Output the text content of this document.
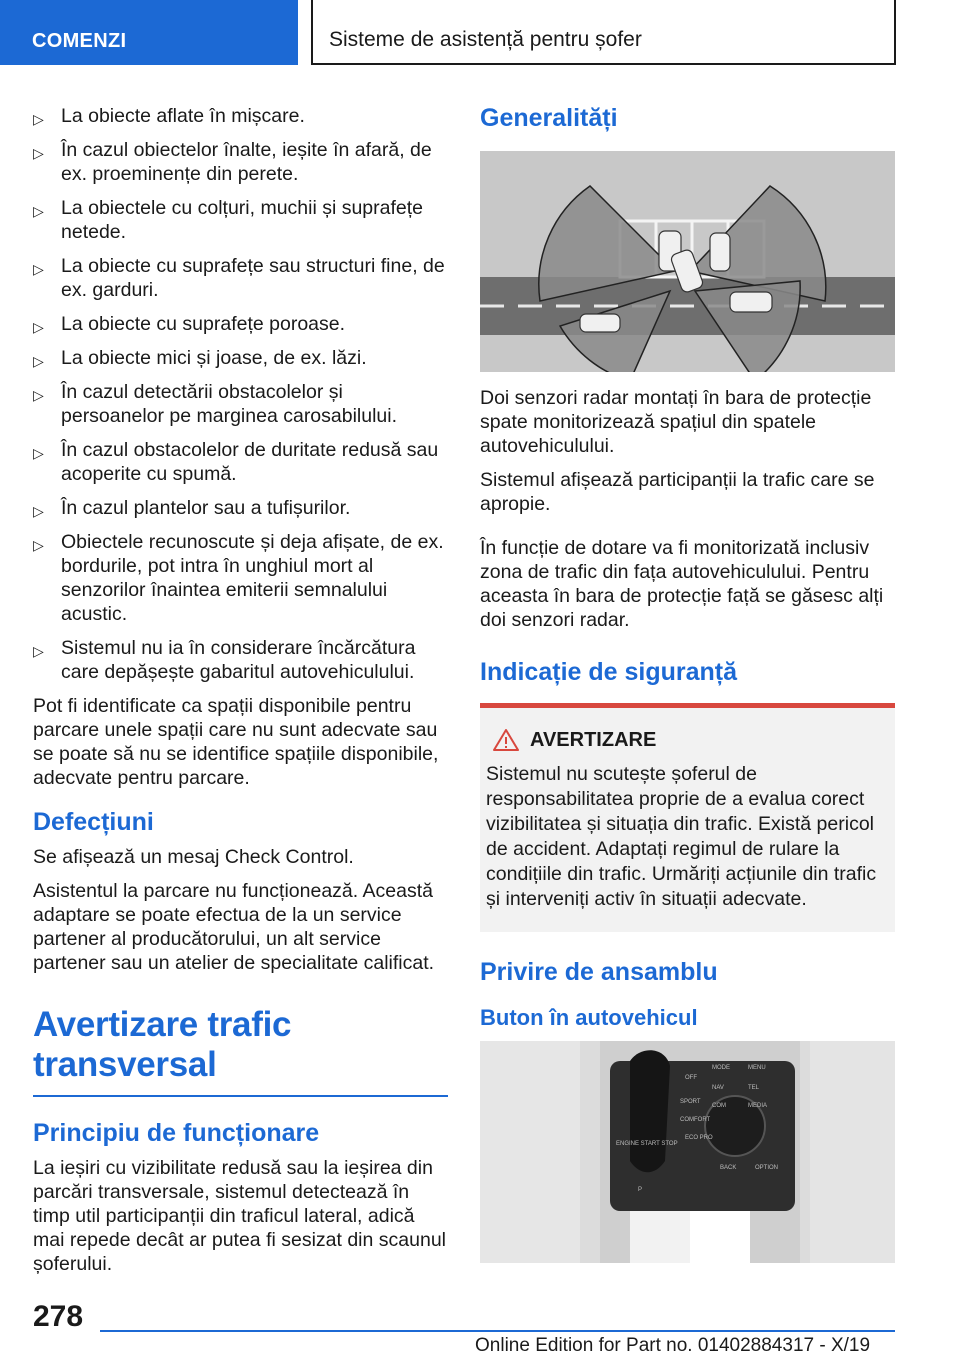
COMENZI	Sisteme de asistență pentru șofer
▷ La obiecte aflate în mișcare.
▷ În cazul obiectelor înalte, ieșite în afară, de ex. proeminențe din perete.
▷ La obiectele cu colțuri, muchii și suprafețe netede.
▷ La obiecte cu suprafețe sau structuri fine, de ex. garduri.
▷ La obiecte cu suprafețe poroase.
▷ La obiecte mici și joase, de ex. lăzi.
▷ În cazul detectării obstacolelor și persoanelor pe marginea carosabilului.
▷ În cazul obstacolelor de duritate redusă sau acoperite cu spumă.
▷ În cazul plantelor sau a tufișurilor.
▷ Obiectele recunoscute și deja afișate, de ex. bordurile, pot intra în unghiul mort al senzorilor înaintea emiterii semnalului acustic.
▷ Sistemul nu ia în considerare încărcătura care depășește gabaritul autovehiculului.

Pot fi identificate ca spații disponibile pentru parcare unele spații care nu sunt adecvate sau se poate să nu se identifice spațiile disponibile, adecvate pentru parcare.

Defecțiuni

Se afișează un mesaj Check Control.

Asistentul la parcare nu funcționează. Această adaptare se poate efectua de la un service partener al producătorului, un alt service partener sau un atelier de specialitate calificat.

Avertizare trafic transversal
Principiu de funcționare

La ieșiri cu vizibilitate redusă sau la ieșirea din parcări transversale, sistemul detectează în timp util participanții din traficul lateral, adică mai repede decât ar putea fi sesizat din scaunul șoferului.

Generalități

Doi senzori radar montați în bara de protecție spate monitorizează spațiul din spatele autovehiculului.

Sistemul afișează participanții la trafic care se apropie.

În funcție de dotare va fi monitorizată inclusiv zona de trafic din fața autovehiculului. Pentru aceasta în bara de protecție față se găsesc alți doi senzori radar.

Indicație de siguranță
AVERTIZARE

Sistemul nu scutește șoferul de responsabilitatea proprie de a evalua corect vizibilitatea și situația din trafic. Există pericol de accident. Adaptați regimul de rulare la condițiile din trafic. Urmăriți acțiunile din trafic și interveniți activ în situații adecvate.

Privire de ansamblu
Buton în autovehicul
OFF
SPORT
COMFORT
ECO PRO
MODE	MENU
NAV	TEL
COM	MEDIA
BACK	OPTION
ENGINE START STOP
P
278
Online Edition for Part no. 01402884317 - X/19
